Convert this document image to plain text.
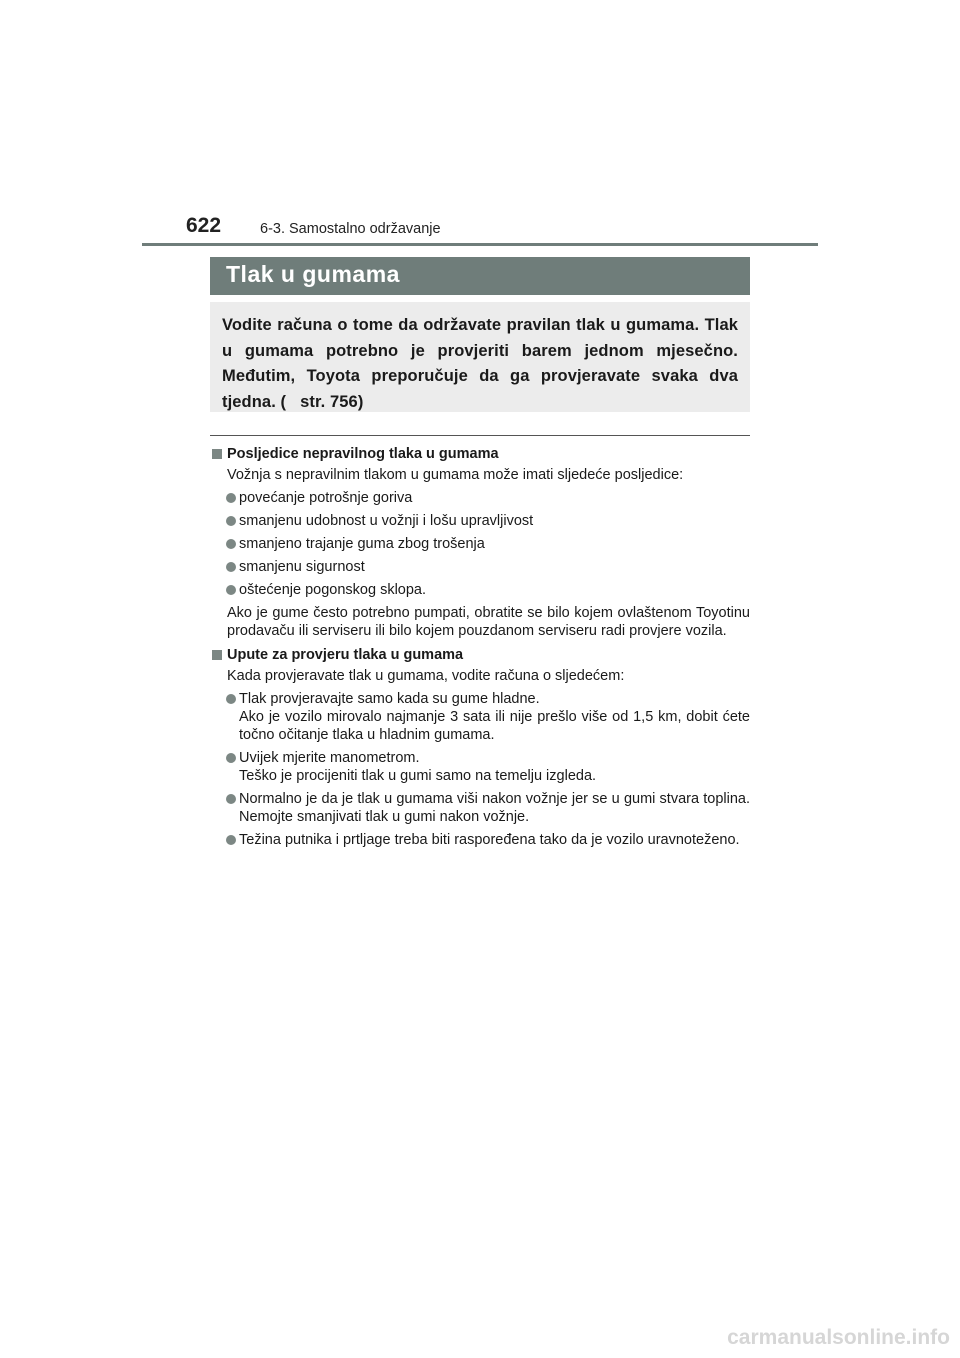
622	6-3. Samostalno održavanje
Tlak u gumama
Vodite računa o tome da održavate pravilan tlak u gumama. Tlak u gumama potrebno je provjeriti barem jednom mjesečno. Međutim, Toyota preporučuje da ga provjeravate svaka dva tjedna. ( str. 756)
Posljedice nepravilnog tlaka u gumama
Vožnja s nepravilnim tlakom u gumama može imati sljedeće posljedice:
povećanje potrošnje goriva
smanjenu udobnost u vožnji i lošu upravljivost
smanjeno trajanje guma zbog trošenja
smanjenu sigurnost
oštećenje pogonskog sklopa.
Ako je gume često potrebno pumpati, obratite se bilo kojem ovlaštenom Toyotinu prodavaču ili serviseru ili bilo kojem pouzdanom serviseru radi provjere vozila.
Upute za provjeru tlaka u gumama
Kada provjeravate tlak u gumama, vodite računa o sljedećem:
Tlak provjeravajte samo kada su gume hladne.
Ako je vozilo mirovalo najmanje 3 sata ili nije prešlo više od 1,5 km, dobit ćete točno očitanje tlaka u hladnim gumama.
Uvijek mjerite manometrom.
Teško je procijeniti tlak u gumi samo na temelju izgleda.
Normalno je da je tlak u gumama viši nakon vožnje jer se u gumi stvara toplina. Nemojte smanjivati tlak u gumi nakon vožnje.
Težina putnika i prtljage treba biti raspoređena tako da je vozilo uravnoteženo.
carmanualsonline.info
